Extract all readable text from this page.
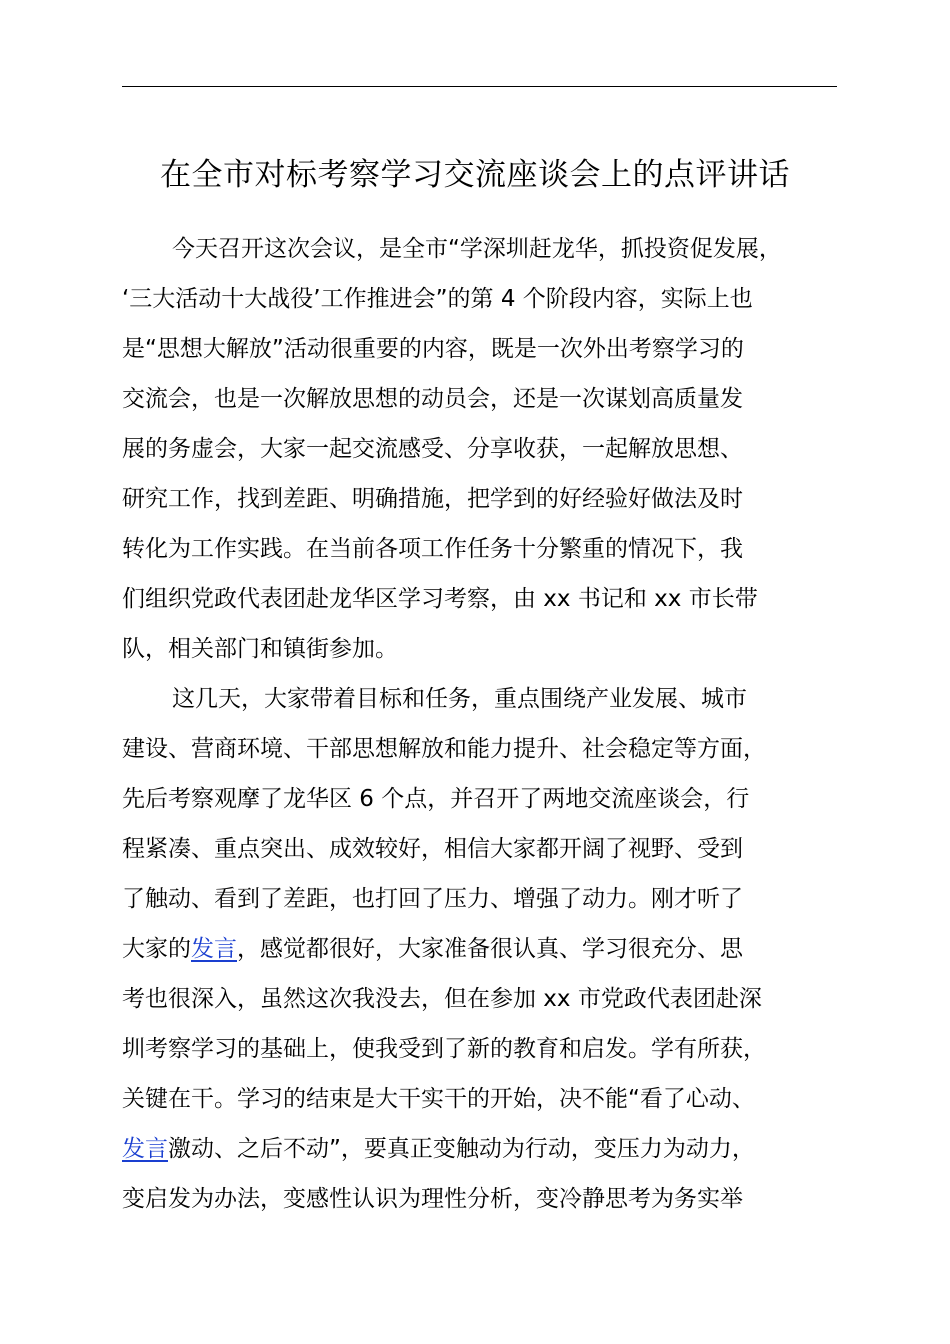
在全市对标考察学习交流座谈会上的点评讲话
今天召开这次会议，是全市“学深圳赶龙华，抓投资促发展，
‘三大活动十大战役’工作推进会”的第 4 个阶段内容，实际上也
是“思想大解放”活动很重要的内容，既是一次外出考察学习的
交流会，也是一次解放思想的动员会，还是一次谋划高质量发
展的务虚会，大家一起交流感受、分享收获，一起解放思想、
研究工作，找到差距、明确措施，把学到的好经验好做法及时
转化为工作实践。在当前各项工作任务十分繁重的情况下，我
们组织党政代表团赴龙华区学习考察，由 xx 书记和 xx 市长带
队，相关部门和镇街参加。
这几天，大家带着目标和任务，重点围绕产业发展、城市
建设、营商环境、干部思想解放和能力提升、社会稳定等方面，
先后考察观摩了龙华区 6 个点，并召开了两地交流座谈会，行
程紧凑、重点突出、成效较好，相信大家都开阔了视野、受到
了触动、看到了差距，也打回了压力、增强了动力。刚才听了
大家的发言，感觉都很好，大家准备很认真、学习很充分、思
考也很深入，虽然这次我没去，但在参加 xx 市党政代表团赴深
圳考察学习的基础上，使我受到了新的教育和启发。学有所获，
关键在干。学习的结束是大干实干的开始，决不能“看了心动、
发言激动、之后不动”，要真正变触动为行动，变压力为动力，
变启发为办法，变感性认识为理性分析，变冷静思考为务实举
